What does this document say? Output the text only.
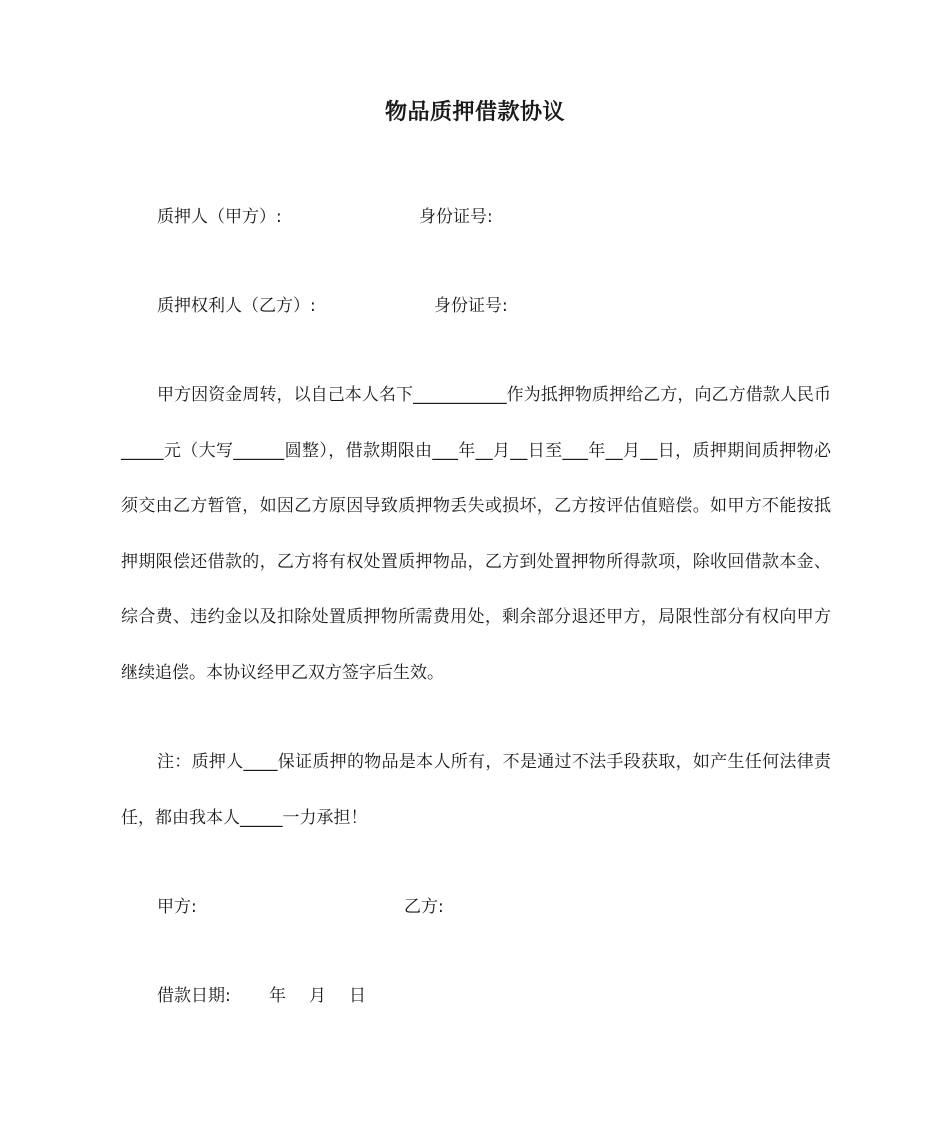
物品质押借款协议
质押人（甲方）:	身份证号:
质押权利人（乙方）:	身份证号:

甲方因资金周转，以自己本人名下___________作为抵押物质押给乙方，向乙方借款人民币_____元（大写______圆整），借款期限由___年__月__日至___年__月__日，质押期间质押物必须交由乙方暂管，如因乙方原因导致质押物丢失或损坏，乙方按评估值赔偿。如甲方不能按抵押期限偿还借款的，乙方将有权处置质押物品，乙方到处置押物所得款项，除收回借款本金、综合费、违约金以及扣除处置质押物所需费用处，剩余部分退还甲方，局限性部分有权向甲方继续追偿。本协议经甲乙双方签字后生效。

注：质押人____保证质押的物品是本人所有，不是通过不法手段获取，如产生任何法律责任，都由我本人_____一力承担！

甲方:	乙方:
借款日期: 年 月 日
